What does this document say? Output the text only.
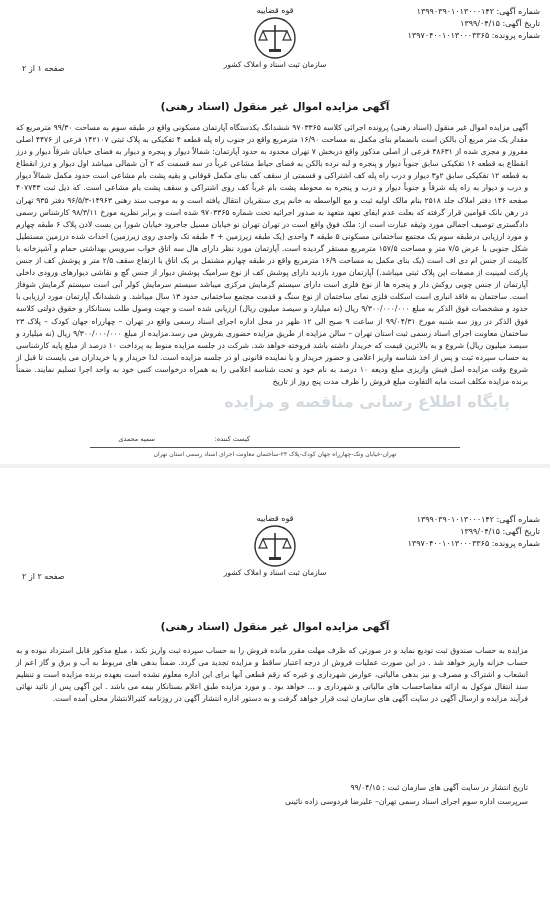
شماره آگهی: ۱۳۹۹۰۳۹۰۱۰۱۳۰۰۰۱۴۲
تاریخ آگهی: ۱۳۹۹/۰۴/۱۵
شماره پرونده: ۱۳۹۷۰۴۰۰۱۰۱۳۰۰۰۳۳۶۵
قوه قضاییه
سازمان ثبت اسناد و املاک کشور
صفحه ۱ از ۲
آگهی مزایده اموال غیر منقول (اسناد رهنی)
آگهی مزایده اموال غیر منقول (اسناد رهنی) پرونده اجرائی کلاسه ۹۷۰۳۳۶۵ ششدانگ یکدستگاه آپارتمان مسکونی واقع در طبقه سوم به مساحت ۹۹/۳۰ مترمربع که مقدار یک متر مربع آن بالکن است بانضمام بنای مکمل به مساحت ۱۶/۹۰ مترمربع واقع در جنوب راه پله قطعه ۴ تفکیکی به پلاک ثبتی ۱۴۲۱۰۷ فرعی از ۴۴۷۶ اصلی مفروز و مجزی شده از ۴۸۶۳۱ فرعی از اصلی مذکور واقع دربخش ۷ تهران محدود به حدود آپارتمان: شمالاً دیوار و پنجره و دیوار به فضای خیابان شرقاً دیوار و درز انقطاع به قطعه ۱۶ تفکیکی سابق جنوباً دیوار و پنجره و لبه نرده بالکن به فضای حیاط مشاعی غرباً در سه قسمت که ۲ آن شمالی میباشد اول دیوار و درز انقطاع به قطعه ۱۲ تفکیکی سابق ۲و۳ دیوار و درب راه پله کف اشتراکی و قسمتی از سقف کف بنای مکمل قوقانی و بقیه پشت بام مشاعی است حدود مکمل شمالاً دیوار و درب و دیوار به راه پله شرقاً و جنوباً دیوار و درب و پنجره به محوطه پشت بام غرباً کف روی اشتراکی و سقف پشت بام مشاعی است. که ذیل ثبت ۴۰۷۷۴۳ صفحه ۱۴۶ دفتر املاک جلد ۲۵۱۸ بنام مالک اولیه ثبت و مع الواسطه به خانم پری سنقریان انتقال یافته است و به موجب سند رهنی ۱۴۹۶۳-۹۶/۵/۳ دفتر ۹۳۵ تهران در رهن بانک قوامین قرار گرفته که بعلت عدم ایفای تعهد متعهد به صدور اجرائیه تحت شماره ۹۷۰۳۳۶۵ شده است و برابر نظریه مورخ ۹۸/۳/۱۱ کارشناس رسمی دادگستری توصیف اجمالی مورد وثیقه عبارت است از: ملک فوق واقع است در تهران تهران نو خیابان مسیل جاجرود خیابان شورا بن بست لادن پلاک ۶ طبقه چهارم و مورد ارزیابی درطبقه سوم یک مجتمع ساختمانی مسکونی ۵ طبقه ۴ واحدی (یک طبقه زیرزمین + ۴ طبقه تک واحدی روی زیرزمین) احداث شده درزمین مستطیل شکل جنوبی با عرض ۷/۵ متر و مساحت ۱۵۷/۵ مترمربع مستقر گردیده است. آپارتمان مورد نظر دارای هال سه اتاق خواب سرویس بهداشتی حمام و آشپزخانه با کابینت از جنس ام دی اف است (یک بنای مکمل به مساحت ۱۶/۹ مترمربع واقع در طبقه چهارم مشتمل بر یک اتاق با ارتفاع سقف ۲/۵ متر و پوشش کف از جنس پارکت لمینیت از مصفات این پلاک ثبتی میباشد.) آپارتمان مورد بازدید دارای پوشش کف از نوع سرامیک پوشش دیوار از جنس گچ و نقاشی دیوارهای ورودی داخلی آپارتمان از جنس چوبی روکش دار و پنجره ها از نوع فلزی است دارای سیستم گرمایش مرکزی میباشد سیستم سرمایش کولر آبی است سیستم گرمایش شوفاژ است. ساختمان به فاقد انباری است اسکلت فلزی نمای ساختمان از نوع سنگ و قدمت مجتمع ساختمانی حدود ۱۳ سال میباشد. و ششدانگ آپارتمان مورد ارزیابی با حدود و مشخصات فوق الذکر به مبلغ ۹/۳۰۰/۰۰۰/۰۰۰ ریال (نه میلیارد و سیصد میلیون ریال) ارزیابی شده است و جهت وصول طلب بستانکار و حقوق دولتی کلاسه فوق الذکر در روز سه شنبه مورخ ۹۹/۰۴/۳۱ از ساعت ۹ صبح الی ۱۲ ظهر در محل اداره اجرای اسناد رسمی واقع در تهران – چهارراه جهان کودک – پلاک ۲۳ ساختمان معاونت اجرای اسناد رسمی ثبت استان تهران – سالن مزایده از طریق مزایده حضوری بفروش می رسد.مزایده از مبلغ ۹/۳۰۰/۰۰۰/۰۰۰ ریال (نه میلیارد و سیصد میلیون ریال) شروع و به بالاترین قیمت که خریدار داشته باشد فروخته خواهد شد. شرکت در جلسه مزایده منوط به پرداخت ۱۰ درصد از مبلغ پایه کارشناسی به حساب سپرده ثبت و پس از اخذ شناسه واریز اعلامی و حضور خریدار و یا نماینده قانونی او در جلسه مزایده است. لذا خریدار و یا خریداران می بایست تا قبل از شروع وقت مزایده اصل فیش واریزی مبلغ ودیعه ۱۰ درصد به نام خود و تحت شناسه اعلامی را به همراه درخواست کتبی خود به واحد اجرا تسلیم نمایند. ضمناً برنده مزایده مکلف است مابه التفاوت مبلغ فروش را ظرف مدت پنج روز از تاریخ
پایگاه اطلاع رسانی مناقصه و مزایده
کیست کننده:
سمیه محمدی
تهران-خیابان ونک-چهارراه جهان کودک-پلاک ۲۳-ساختمان معاونت اجرای اسناد رسمی استان تهران
شماره آگهی: ۱۳۹۹۰۳۹۰۱۰۱۳۰۰۰۱۴۲
تاریخ آگهی: ۱۳۹۹/۰۴/۱۵
شماره پرونده: ۱۳۹۷۰۴۰۰۱۰۱۳۰۰۰۳۳۶۵
قوه قضاییه
سازمان ثبت اسناد و املاک کشور
صفحه ۲ از ۲
آگهی مزایده اموال غیر منقول (اسناد رهنی)
مزایده به حساب صندوق ثبت تودیع نماید و در صورتی که ظرف مهلت مقرر مانده فروش را به حساب سپرده ثبت واریز نکند ، مبلغ مذکور قابل استرداد نبوده و به حساب خزانه واریز خواهد شد . در این صورت عملیات فروش از درجه اعتبار ساقط و مزایده تجدید می گردد. ضمناً بدهی های مربوط به آب و برق و گاز اعم از انشعاب و اشتراک و مصرف و نیز بدهی مالیاتی، عوارض شهرداری و غیره که رقم قطعی آنها برای این اداره معلوم نشده است بعهده برنده مزایده است و تنظیم سند انتقال موکول به ارائه مفاصاحساب های مالیاتی و شهرداری و ... خواهد بود . و مورد مزایده طبق اعلام بستانکار بیمه می باشد . این آگهی پس از تائید نهائی فرآیند مزایده و ارسال آگهی در سایت آگهی های سازمان ثبت قرار خواهد گرفت و به دستور اداره انتشار آگهی در روزنامه کثیرالانتشار محلی آمده است.
تاریخ انتشار در سایت آگهی های سازمان ثبت : ۹۹/۰۴/۱۵
سرپرست اداره سوم اجرای اسناد رسمی تهران– علیرضا فردوسی زاده نائینی
